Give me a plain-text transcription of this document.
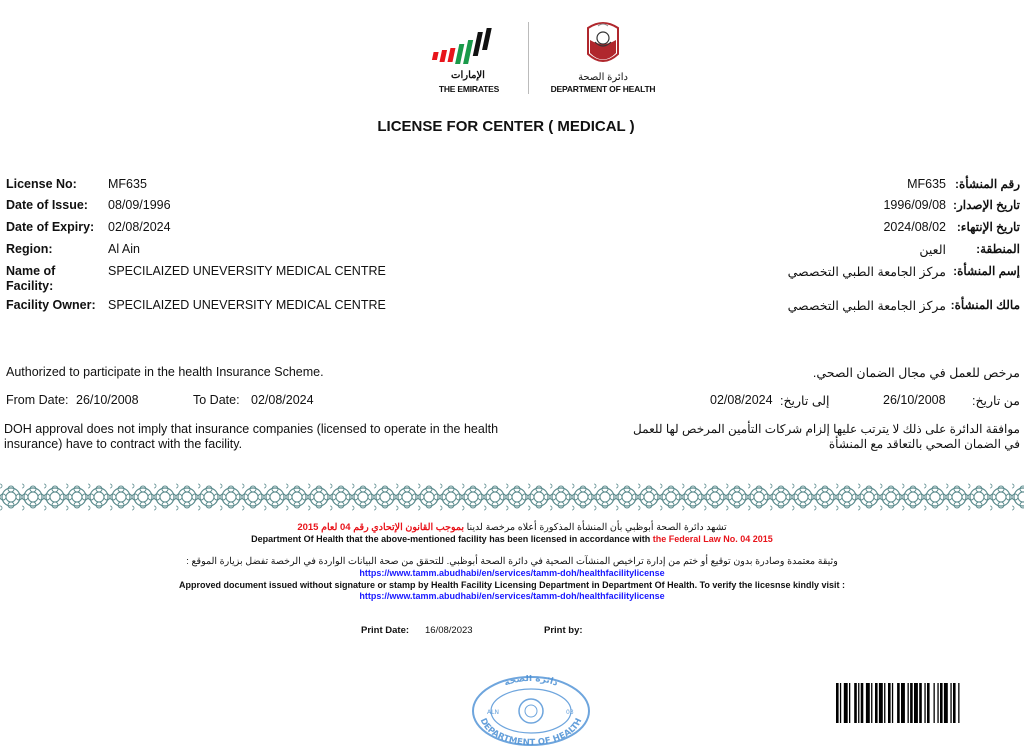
الإمارات
THE EMIRATES
دائرة الصحة
DEPARTMENT OF HEALTH
LICENSE FOR CENTER ( MEDICAL )
License No: MF635
Date of Issue: 08/09/1996
Date of Expiry: 02/08/2024
Region:	Al Ain
Name of Facility:
SPECILAIZED UNEVERSITY MEDICAL CENTRE
Facility Owner: SPECILAIZED UNEVERSITY MEDICAL CENTRE
رقم المنشأة:
MF635
تاريخ الإصدار:
1996/09/08
تاريخ الإنتهاء:
2024/08/02
المنطقة:
العين
إسم المنشأة:
مركز الجامعة الطبي التخصصي
مالك المنشأة:
مركز الجامعة الطبي التخصصي
Authorized to participate in the health Insurance Scheme.	مرخص للعمل في مجال الضمان الصحي.
From Date: 26/10/2008	To Date: 02/08/2024	من تاريخ:
26/10/2008
إلى تاريخ:
02/08/2024
DOH approval does not imply that insurance companies (licensed to operate in the health insurance) have to contract with the facility.
موافقة الدائرة على ذلك لا يترتب عليها إلزام شركات التأمين المرخص لها للعمل في الضمان الصحي بالتعاقد مع المنشأة
تشهد دائرة الصحة أبوظبي بأن المنشأة المذكورة أعلاه مرخصة لدينا بموجب القانون الإتحادي رقم 04 لعام 2015
Department Of Health that the above-mentioned facility has been licensed in accordance with the Federal Law No. 04 2015
وثيقة معتمدة وصادرة بدون توقيع أو ختم من إدارة تراخيص المنشآت الصحية في دائرة الصحة أبوظبي. للتحقق من صحة البيانات الواردة في الرخصة تفضل بزيارة الموقع :
https://www.tamm.abudhabi/en/services/tamm-doh/healthfacilitylicense
Approved document issued without signature or stamp by Health Facility Licensing Department in Department Of Health. To verify the licesnse kindly visit :
https://www.tamm.abudhabi/en/services/tamm-doh/healthfacilitylicense
Print Date: 16/08/2023	Print by:
دائرة الصحة
DEPARTMENT OF HEALTH
ALN	03
